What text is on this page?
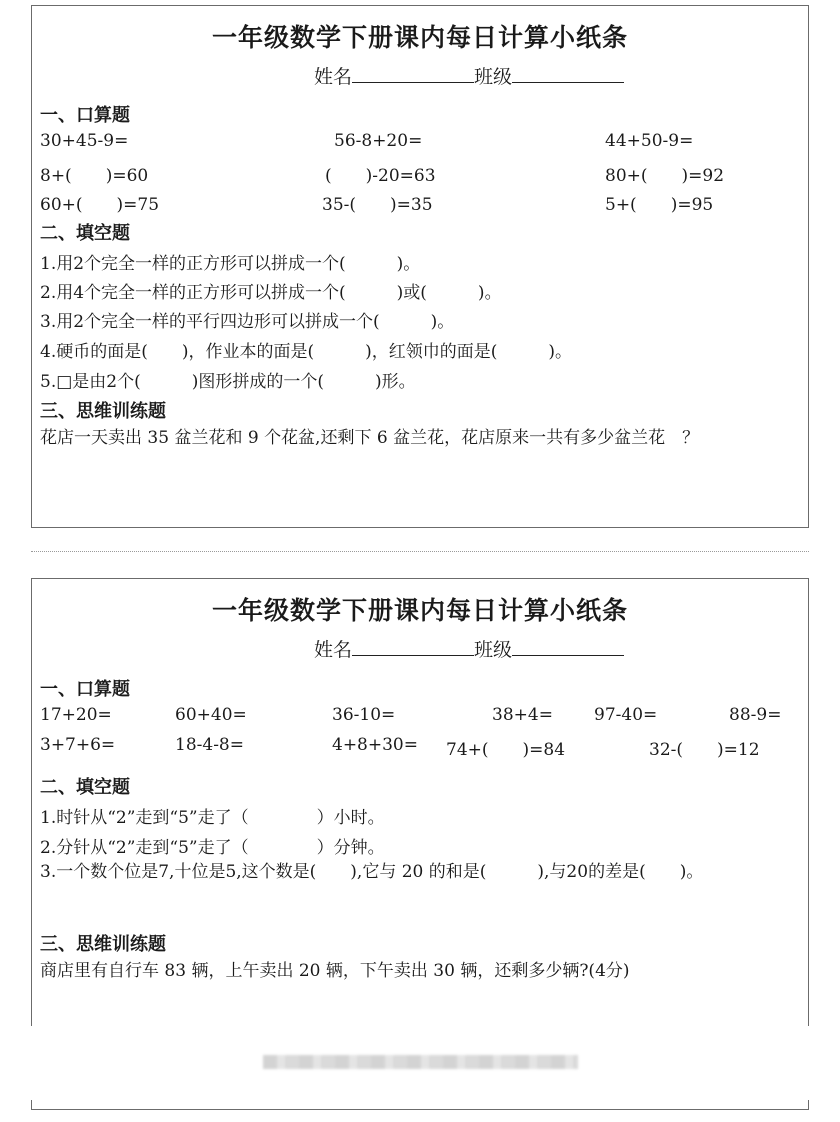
一年级数学下册课内每日计算小纸条
姓名	班级
一、口算题
30+45-9=	56-8+20=	44+50-9=
8+(　　)=60	(　　)-20=63	80+(　　)=92
60+(　　)=75	35-(　　)=35	5+(　　)=95
二、填空题
1.用2个完全一样的正方形可以拼成一个(　　　)。
2.用4个完全一样的正方形可以拼成一个(　　　)或(　　　)。
3.用2个完全一样的平行四边形可以拼成一个(　　　)。
4.硬币的面是(　　)，作业本的面是(　　　)，红领巾的面是(　　　)。
5.□是由2个(　　　)图形拼成的一个(　　　)形。
三、思维训练题
花店一天卖出 35 盆兰花和 9 个花盆,还剩下 6 盆兰花，花店原来一共有多少盆兰花　？
一年级数学下册课内每日计算小纸条
姓名	班级
一、口算题
17+20=	60+40=	36-10=	38+4= 97-40=	88-9=
3+7+6=	18-4-8=	4+8+30= 74+(　　)=84	32-(　　)=12
二、填空题
1.时针从“2”走到“5”走了（　　　　）小时。
2.分针从“2”走到“5”走了（　　　　）分钟。
3.一个数个位是7,十位是5,这个数是(　　),它与 20 的和是(　　　),与20的差是(　　)。
三、思维训练题
商店里有自行车 83 辆，上午卖出 20 辆，下午卖出 30 辆，还剩多少辆?(4分)
